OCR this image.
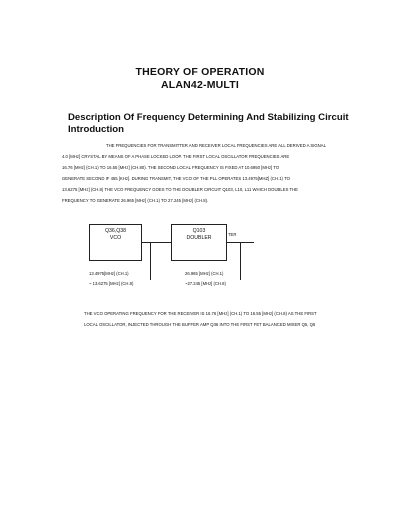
THEORY OF OPERATION
ALAN42-MULTI
Description Of Frequency Determining And Stabilizing Circuit
Introduction
THE FREQUENCIES FOR TRANSMITTER AND RECEIVER LOCAL FREQUENCIES ARE ALL DERIVED A SIGNAL
4.0 [MHz] CRYSTAL BY MEANS OF A PHASE LOCKED LOOP. THE FIRST LOCAL OSCILLATOR FREQUENCIES ARE
16.76 [MHz] (CH.1) TO 16.55 [MHz] (CH.80). THE SECOND LOCAL FREQUENCY IS FIXED AT 10.6950 [MHz] TO
GENERATE SECOND IF 455 [KHz]. DURING TRANSMIT, THE VCO OF THE PLL OPERATES 13.4975[MHZ] (CH.1) TO
13.6275 [MHz] (CH.8) THE VCO FREQUENCY GOES TO THE DOUBLER CIRCUIT Q103, L10, L11 WHICH DOUBLES THE
FREQUENCY TO GENERATE 26.965 [MHz] (CH.1) TO 27.245 [MHz] (CH.8).
Q36,Q38
VCO
Q103
DOUBLER	TER
13.4975[MHz] (CH.1)
~ 13.6275 [MHz] (CH.8)
26.965 [MHz] (CH.1)
~27.245 [MHz] (CH.8)
THE VCO OPERATING FREQUENCY FOR THE RECEIVER IS 16.76 [MHz] (CH.1) TO 16.55 [MHz] (CH.8) AS THE FIRST
LOCAL OSCILLATOR, INJECTED THROUGH THE BUFFER AMP Q36 INTO THE FIRST FET BALANCED MIXER Q5, Q6
